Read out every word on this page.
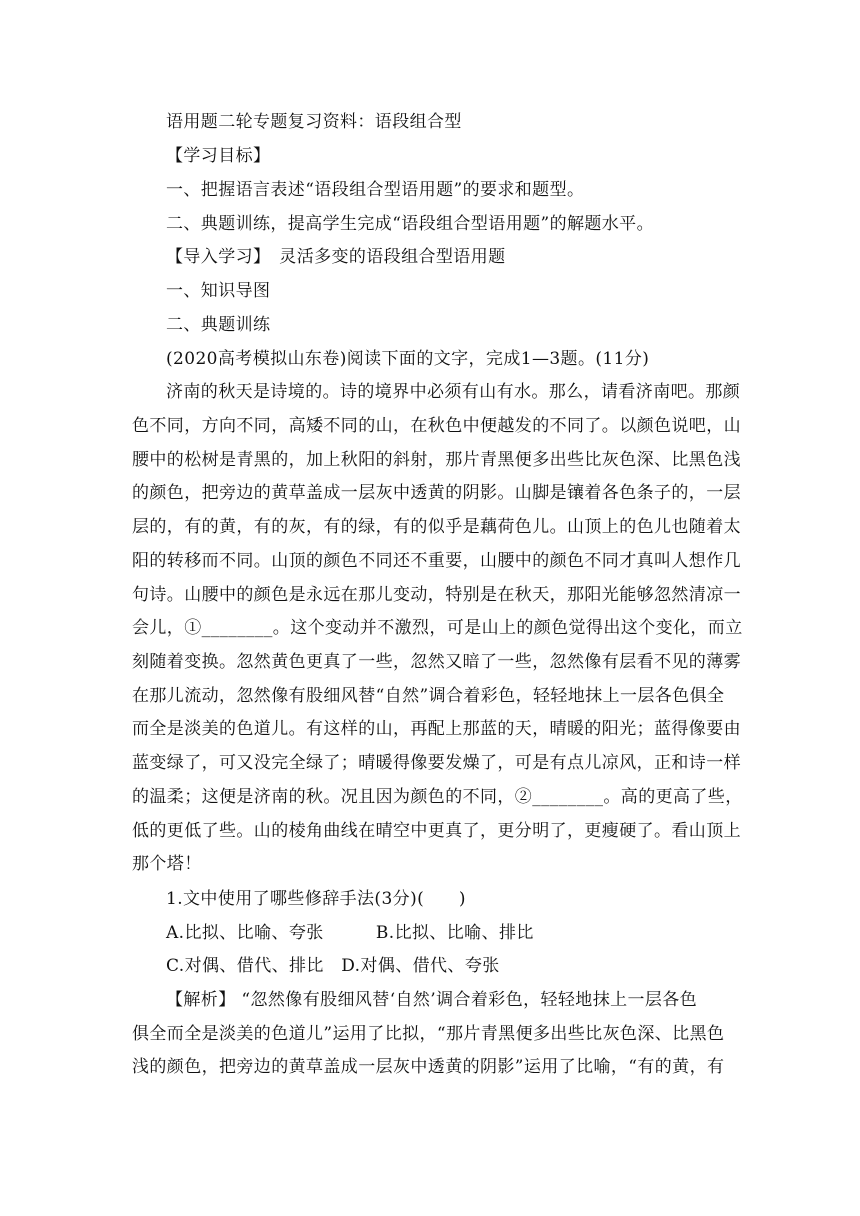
语用题二轮专题复习资料：语段组合型
【学习目标】
一、把握语言表述“语段组合型语用题”的要求和题型。
二、典题训练，提高学生完成“语段组合型语用题”的解题水平。
【导入学习】　灵活多变的语段组合型语用题
一、知识导图
二、典题训练
(2020高考模拟山东卷)阅读下面的文字，完成1—3题。(11分)
济南的秋天是诗境的。诗的境界中必须有山有水。那么，请看济南吧。那颜
色不同，方向不同，高矮不同的山，在秋色中便越发的不同了。以颜色说吧，山
腰中的松树是青黑的，加上秋阳的斜射，那片青黑便多出些比灰色深、比黑色浅
的颜色，把旁边的黄草盖成一层灰中透黄的阴影。山脚是镶着各色条子的，一层
层的，有的黄，有的灰，有的绿，有的似乎是藕荷色儿。山顶上的色儿也随着太
阳的转移而不同。山顶的颜色不同还不重要，山腰中的颜色不同才真叫人想作几
句诗。山腰中的颜色是永远在那儿变动，特别是在秋天，那阳光能够忽然清凉一
会儿，①________。这个变动并不激烈，可是山上的颜色觉得出这个变化，而立
刻随着变换。忽然黄色更真了一些，忽然又暗了一些，忽然像有层看不见的薄雾
在那儿流动，忽然像有股细风替“自然”调合着彩色，轻轻地抹上一层各色俱全
而全是淡美的色道儿。有这样的山，再配上那蓝的天，晴暖的阳光；蓝得像要由
蓝变绿了，可又没完全绿了；晴暖得像要发燥了，可是有点儿凉风，正和诗一样
的温柔；这便是济南的秋。况且因为颜色的不同，②________。高的更高了些，
低的更低了些。山的棱角曲线在晴空中更真了，更分明了，更瘦硬了。看山顶上
那个塔！
1.文中使用了哪些修辞手法(3分)(　　)
A.比拟、比喻、夸张　　　B.比拟、比喻、排比
C.对偶、借代、排比　D.对偶、借代、夸张
【解析】 “忽然像有股细风替‘自然’调合着彩色，轻轻地抹上一层各色
俱全而全是淡美的色道儿”运用了比拟，“那片青黑便多出些比灰色深、比黑色
浅的颜色，把旁边的黄草盖成一层灰中透黄的阴影”运用了比喻，“有的黄，有
